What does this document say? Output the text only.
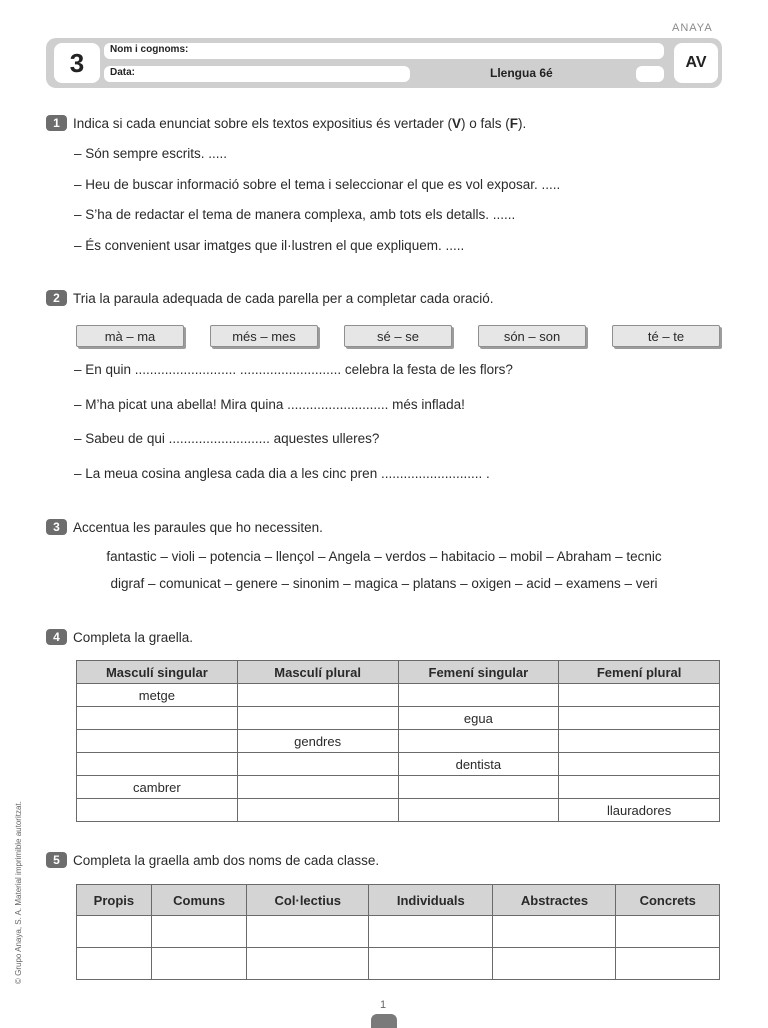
ANAYA
3	Nom i cognoms:
Data:	Llengua 6é
AV
1 Indica si cada enunciat sobre els textos expositius és vertader (V) o fals (F).
– Són sempre escrits. .....
– Heu de buscar informació sobre el tema i seleccionar el que es vol exposar. .....
– S’ha de redactar el tema de manera complexa, amb tots els detalls. ......
– És convenient usar imatges que il·lustren el que expliquem. .....
2 Tria la paraula adequada de cada parella per a completar cada oració.
mà – ma	més – mes	sé – se	són – son	té – te
– En quin ........................... ........................... celebra la festa de les flors?
– M’ha picat una abella! Mira quina ........................... més inflada!
– Sabeu de qui ........................... aquestes ulleres?
– La meua cosina anglesa cada dia a les cinc pren ........................... .
3 Accentua les paraules que ho necessiten.
fantastic – violi – potencia – llençol – Angela – verdos – habitacio – mobil – Abraham – tecnic
digraf – comunicat – genere – sinonim – magica – platans – oxigen – acid – examens – veri
4 Completa la graella.
Masculí singular	Masculí plural	Femení singular	Femení plural
metge			
		egua	
	gendres		
		dentista	
cambrer			
			llauradores
5 Completa la graella amb dos noms de cada classe.
Propis	Comuns	Col·lectius	Individuals	Abstractes	Concrets

© Grupo Anaya, S. A. Material imprimible autoritzat.
1
